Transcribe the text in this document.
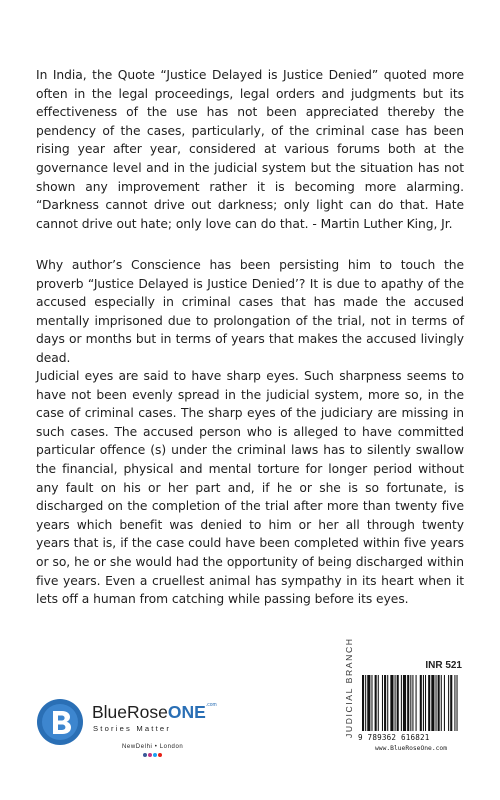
In India, the Quote “Justice Delayed is Justice Denied” quoted more often in the legal proceedings, legal orders and judgments but its effectiveness of the use has not been appreciated thereby the pendency of the cases, particularly, of the criminal case has been rising year after year, considered at various forums both at the governance level and in the judicial system but the situation has not shown any improvement rather it is becoming more alarming. “Darkness cannot drive out darkness; only light can do that. Hate cannot drive out hate; only love can do that. - Martin Luther King, Jr.

Why author’s Conscience has been persisting him to touch the proverb “Justice Delayed is Justice Denied’? It is due to apathy of the accused especially in criminal cases that has made the accused mentally imprisoned due to prolongation of the trial, not in terms of days or months but in terms of years that makes the accused livingly dead.

Judicial eyes are said to have sharp eyes. Such sharpness seems to have not been evenly spread in the judicial system, more so, in the case of criminal cases. The sharp eyes of the judiciary are missing in such cases. The accused person who is alleged to have committed particular offence (s) under the criminal laws has to silently swallow the financial, physical and mental torture for longer period without any fault on his or her part and, if he or she is so fortunate, is discharged on the completion of the trial after more than twenty five years which benefit was denied to him or her all through twenty years that is, if the case could have been completed within five years or so, he or she would had the opportunity of being discharged within five years. Even a cruellest animal has sympathy in its heart when it lets off a human from catching while passing before its eyes.

BlueRoseONE$^{.com}$
Stories Matter
NewDelhi • London
JUDICIAL BRANCH	INR 521
9 789362 616821
www.BlueRoseOne.com
